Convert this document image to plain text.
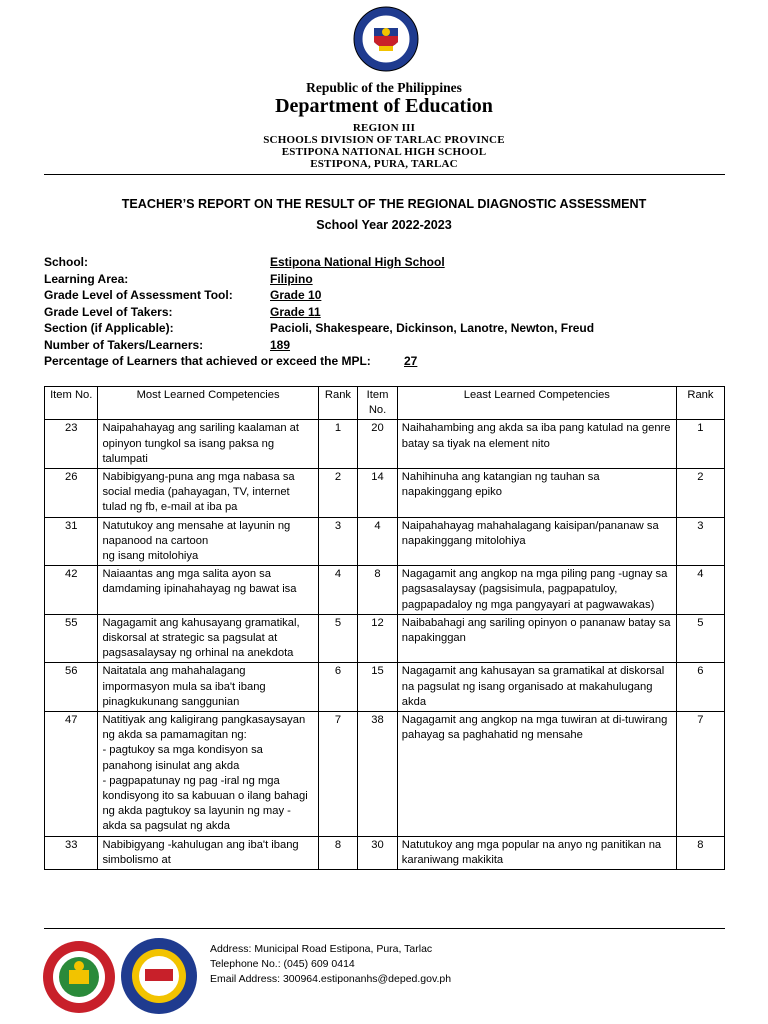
Republic of the Philippines
Department of Education
REGION III
SCHOOLS DIVISION OF TARLAC PROVINCE
ESTIPONA NATIONAL HIGH SCHOOL
ESTIPONA, PURA, TARLAC
TEACHER’S REPORT ON THE RESULT OF THE REGIONAL DIAGNOSTIC ASSESSMENT
School Year 2022-2023
School:	Estipona National High School
Learning Area:	Filipino
Grade Level of Assessment Tool:	Grade 10
Grade Level of Takers:	Grade 11
Section (if Applicable):	Pacioli, Shakespeare, Dickinson, Lanotre, Newton, Freud
Number of Takers/Learners:	189
Percentage of Learners that achieved or exceed the MPL:	27
Item No.	Most Learned Competencies	Rank	Item No.	Least Learned Competencies	Rank
23	Naipahahayag ang sariling kaalaman at opinyon tungkol sa isang paksa ng talumpati	1	20	Naihahambing ang akda sa iba pang katulad na genre batay sa tiyak na element nito	1
26	Nabibigyang-puna ang mga nabasa sa social media (pahayagan, TV, internet tulad ng fb, e-mail at iba pa	2	14	Nahihinuha ang katangian ng tauhan sa napakinggang epiko	2
31	Natutukoy ang mensahe at layunin ng napanood na cartoon
ng isang mitolohiya	3	4	Naipahahayag mahahalagang kaisipan/pananaw sa napakinggang mitolohiya	3
42	Naiaantas ang mga salita ayon sa damdaming ipinahahayag ng bawat isa	4	8	Nagagamit ang angkop na mga piling pang -ugnay sa pagsasalaysay (pagsisimula, pagpapatuloy, pagpapadaloy ng mga pangyayari at pagwawakas)	4
55	Nagagamit ang kahusayang gramatikal, diskorsal at strategic sa pagsulat at pagsasalaysay ng orhinal na anekdota	5	12	Naibabahagi ang sariling opinyon o pananaw batay sa napakinggan	5
56	Naitatala ang mahahalagang impormasyon mula sa iba't ibang pinagkukunang sanggunian	6	15	Nagagamit ang kahusayan sa gramatikal at diskorsal na pagsulat ng isang organisado at makahulugang akda	6
47	Natitiyak ang kaligirang pangkasaysayan ng akda sa pamamagitan ng:
- pagtukoy sa mga kondisyon sa panahong isinulat ang akda
- pagpapatunay ng pag -iral ng mga kondisyong ito sa kabuuan o ilang bahagi ng akda pagtukoy sa layunin ng may -akda sa pagsulat ng akda	7	38	Nagagamit ang angkop na mga tuwiran at di-tuwirang pahayag sa paghahatid ng mensahe	7
33	Nabibigyang -kahulugan ang iba't ibang simbolismo at	8	30	Natutukoy ang mga popular na anyo ng panitikan na karaniwang makikita	8
Address: Municipal Road Estipona, Pura, Tarlac
Telephone No.: (045) 609 0414
Email Address: 300964.estiponanhs@deped.gov.ph
